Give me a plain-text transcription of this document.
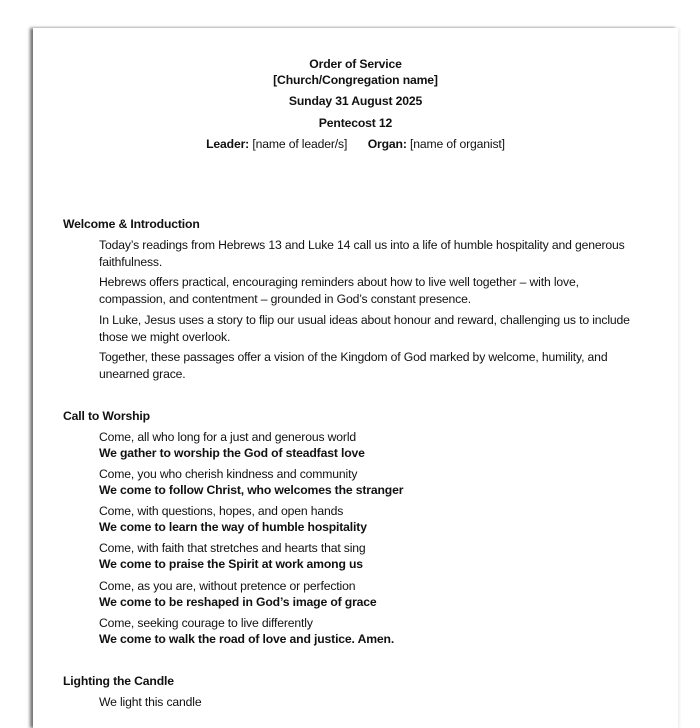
Order of Service
[Church/Congregation name]
Sunday 31 August 2025
Pentecost 12
Leader: [name of leader/s] Organ: [name of organist]
Welcome & Introduction
Today’s readings from Hebrews 13 and Luke 14 call us into a life of humble hospitality and generous faithfulness.
Hebrews offers practical, encouraging reminders about how to live well together – with love, compassion, and contentment – grounded in God’s constant presence.
In Luke, Jesus uses a story to flip our usual ideas about honour and reward, challenging us to include those we might overlook.
Together, these passages offer a vision of the Kingdom of God marked by welcome, humility, and unearned grace.
Call to Worship
Come, all who long for a just and generous world
We gather to worship the God of steadfast love
Come, you who cherish kindness and community
We come to follow Christ, who welcomes the stranger
Come, with questions, hopes, and open hands
We come to learn the way of humble hospitality
Come, with faith that stretches and hearts that sing
We come to praise the Spirit at work among us
Come, as you are, without pretence or perfection
We come to be reshaped in God’s image of grace
Come, seeking courage to live differently
We come to walk the road of love and justice. Amen.
Lighting the Candle
We light this candle
